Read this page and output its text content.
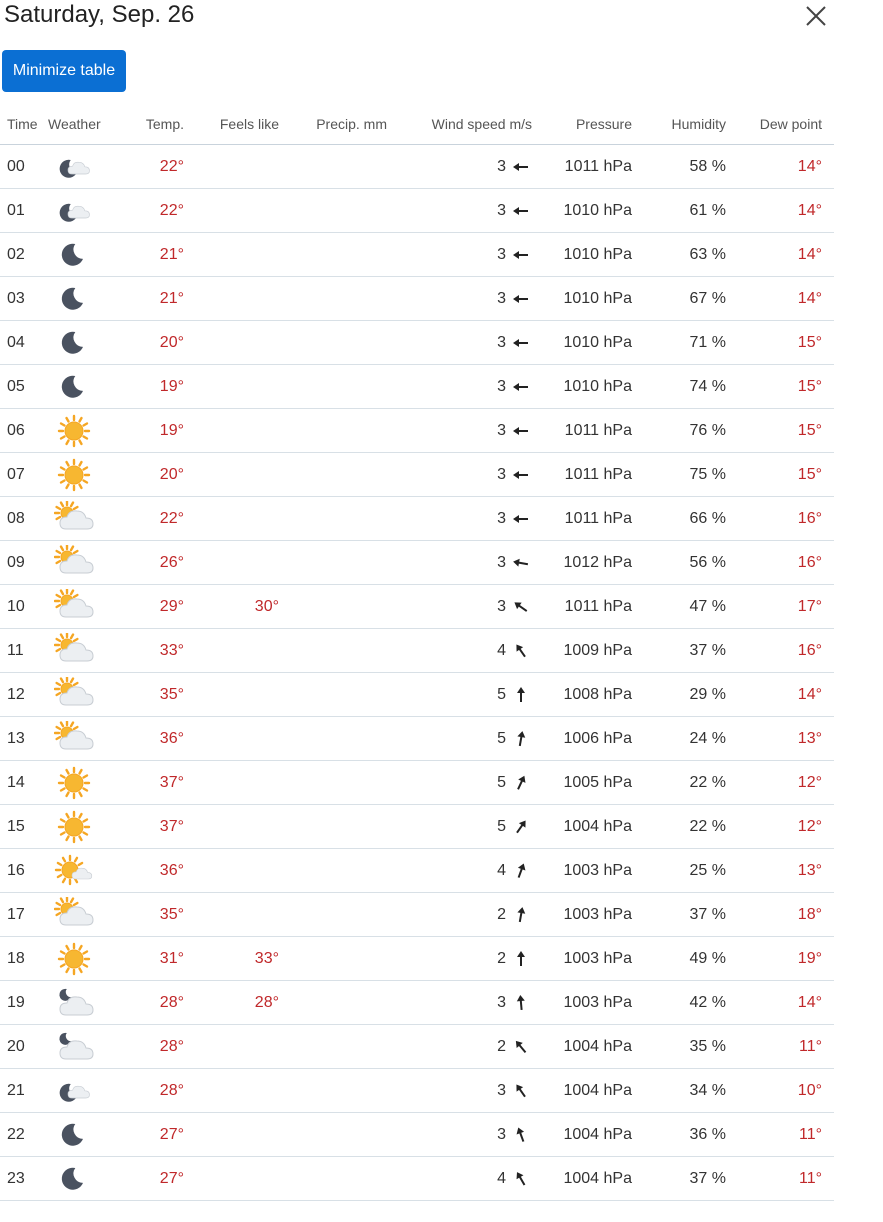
Saturday, Sep. 26
Minimize table
Time	Weather	Temp.	Feels like	Precip. mm	Wind speed m/s	Pressure	Humidity	Dew point
00		22°			3	1011 hPa	58 %	14°
01		22°			3	1010 hPa	61 %	14°
02		21°			3	1010 hPa	63 %	14°
03		21°			3	1010 hPa	67 %	14°
04		20°			3	1010 hPa	71 %	15°
05		19°			3	1010 hPa	74 %	15°
06		19°			3	1011 hPa	76 %	15°
07		20°			3	1011 hPa	75 %	15°
08		22°			3	1011 hPa	66 %	16°
09		26°			3	1012 hPa	56 %	16°
10		29°	30°		3	1011 hPa	47 %	17°
11		33°			4	1009 hPa	37 %	16°
12		35°			5	1008 hPa	29 %	14°
13		36°			5	1006 hPa	24 %	13°
14		37°			5	1005 hPa	22 %	12°
15		37°			5	1004 hPa	22 %	12°
16		36°			4	1003 hPa	25 %	13°
17		35°			2	1003 hPa	37 %	18°
18		31°	33°		2	1003 hPa	49 %	19°
19		28°	28°		3	1003 hPa	42 %	14°
20		28°			2	1004 hPa	35 %	11°
21		28°			3	1004 hPa	34 %	10°
22		27°			3	1004 hPa	36 %	11°
23		27°			4	1004 hPa	37 %	11°
